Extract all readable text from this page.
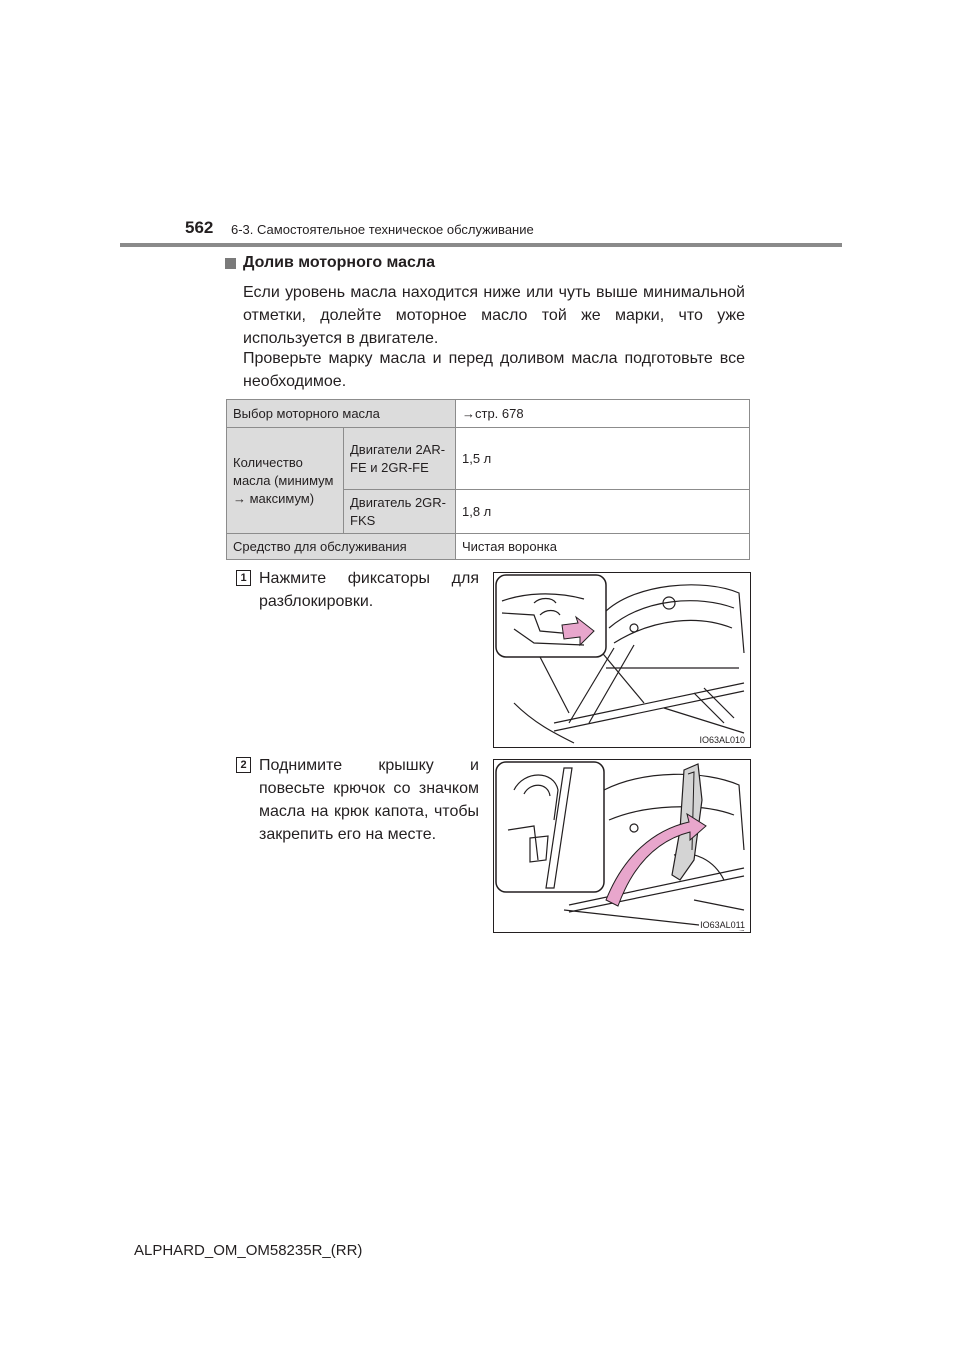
562 6-3. Самостоятельное техническое обслуживание
Долив моторного масла
Если уровень масла находится ниже или чуть выше минимальной отметки, долейте моторное масло той же марки, что уже используется в двигателе.
Проверьте марку масла и перед доливом масла подготовьте все необходимое.
Выбор моторного масла		→стр. 678
Количество масла (минимум → максимум)	Двигатели 2AR-FE и 2GR-FE	1,5 л
	Двигатель 2GR-FKS	1,8 л
Средство для обслуживания		Чистая воронка
1 Нажмите фиксаторы для разблокировки.
IO63AL010
2 Поднимите крышку и повесьте крючок со значком масла на крюк капота, чтобы закрепить его на месте.
IO63AL011
ALPHARD_OM_OM58235R_(RR)
